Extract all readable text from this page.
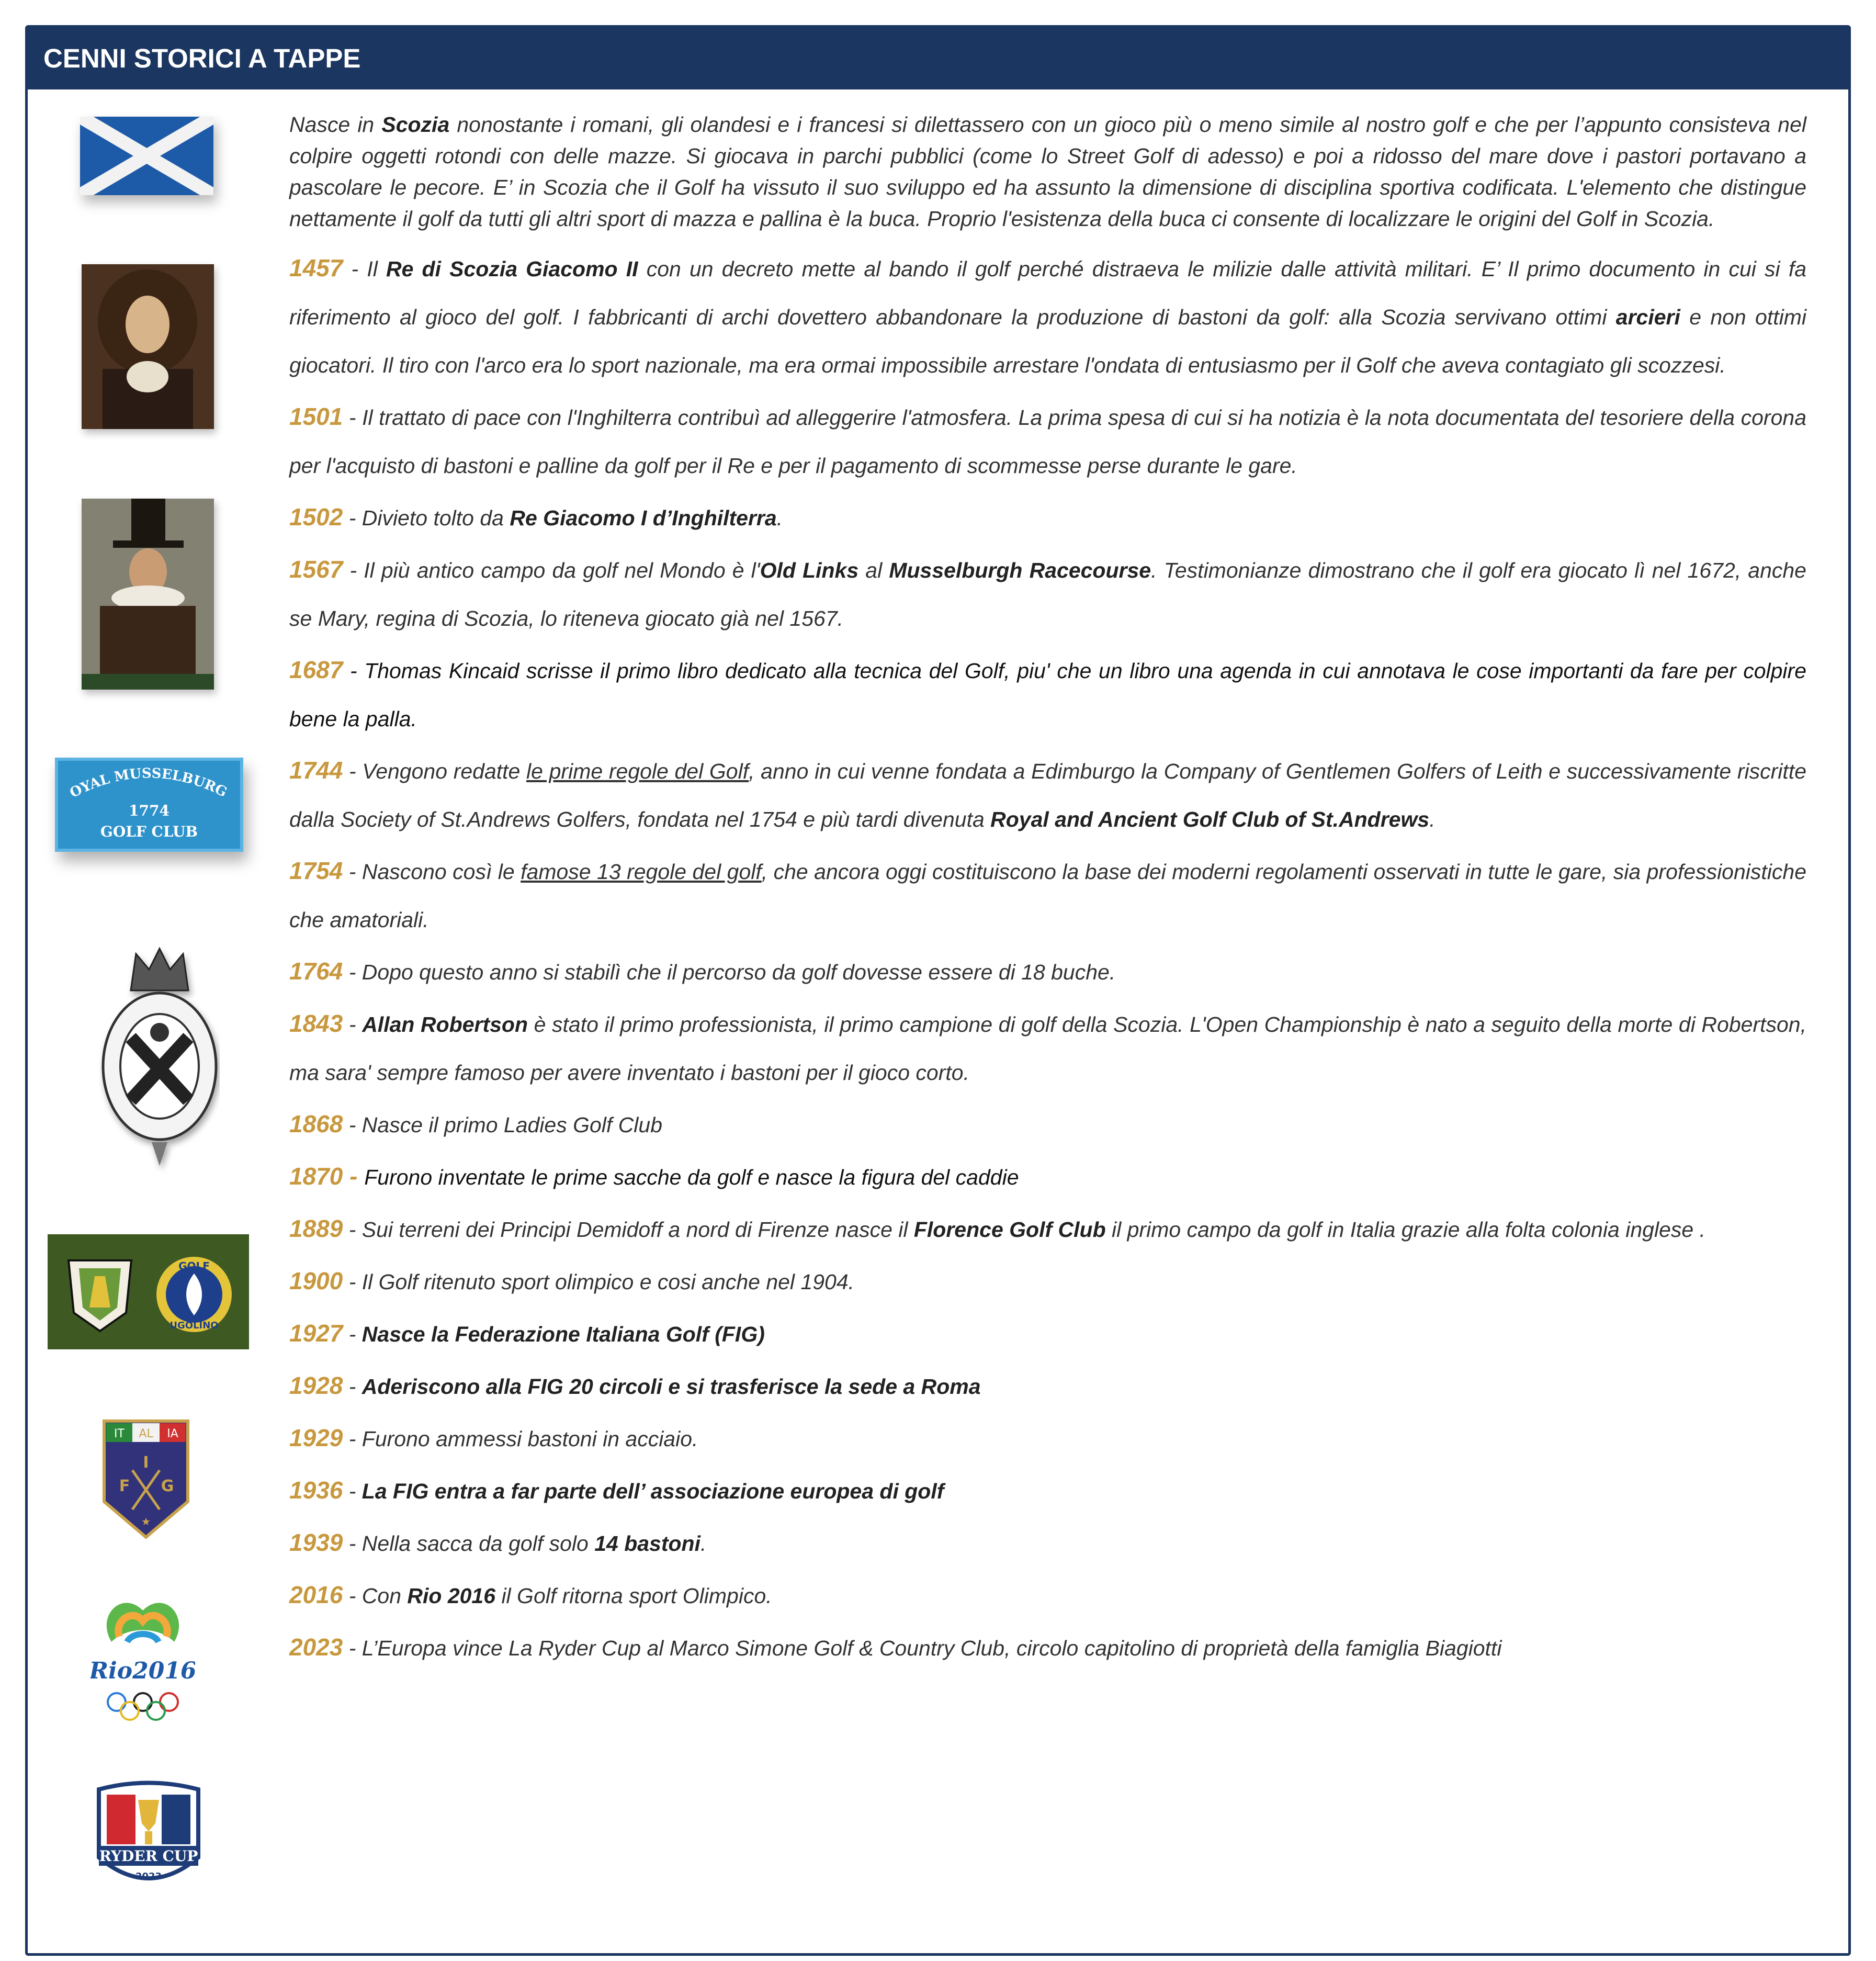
CENNI STORICI A TAPPE
OYAL MUSSELBURG
1774
GOLF CLUB
GOLF
UGOLINO
IT AL IA
I
F G
★
Rio2016
RYDER CUP
2023

Nasce in Scozia nonostante i romani, gli olandesi e i francesi si dilettassero con un gioco più o meno simile al nostro golf e che per l’appunto consisteva nel colpire oggetti rotondi con delle mazze. Si giocava in parchi pubblici (come lo Street Golf di adesso) e poi a ridosso del mare dove i pastori portavano a pascolare le pecore. E’ in Scozia che il Golf ha vissuto il suo sviluppo ed ha assunto la dimensione di disciplina sportiva codificata. L'elemento che distingue nettamente il golf da tutti gli altri sport di mazza e pallina è la buca. Proprio l'esistenza della buca ci consente di localizzare le origini del Golf in Scozia.

1457 - Il Re di Scozia Giacomo II con un decreto mette al bando il golf perché distraeva le milizie dalle attività militari. E’ Il primo documento in cui si fa riferimento al gioco del golf. I fabbricanti di archi dovettero abbandonare la produzione di bastoni da golf: alla Scozia servivano ottimi arcieri e non ottimi giocatori. Il tiro con l'arco era lo sport nazionale, ma era ormai impossibile arrestare l'ondata di entusiasmo per il Golf che aveva contagiato gli scozzesi.

1501 - Il trattato di pace con l'Inghilterra contribuì ad alleggerire l'atmosfera. La prima spesa di cui si ha notizia è la nota documentata del tesoriere della corona per l'acquisto di bastoni e palline da golf per il Re e per il pagamento di scommesse perse durante le gare.

1502 - Divieto tolto da Re Giacomo I d’Inghilterra.

1567 - Il più antico campo da golf nel Mondo è l'Old Links al Musselburgh Racecourse. Testimonianze dimostrano che il golf era giocato lì nel 1672, anche se Mary, regina di Scozia, lo riteneva giocato già nel 1567.

1687 - Thomas Kincaid scrisse il primo libro dedicato alla tecnica del Golf, piu' che un libro una agenda in cui annotava le cose importanti da fare per colpire bene la palla.

1744 - Vengono redatte le prime regole del Golf, anno in cui venne fondata a Edimburgo la Company of Gentlemen Golfers of Leith e successivamente riscritte dalla Society of St.Andrews Golfers, fondata nel 1754 e più tardi divenuta Royal and Ancient Golf Club of St.Andrews.

1754 - Nascono così le famose 13 regole del golf, che ancora oggi costituiscono la base dei moderni regolamenti osservati in tutte le gare, sia professionistiche che amatoriali.

1764 - Dopo questo anno si stabilì che il percorso da golf dovesse essere di 18 buche.

1843 - Allan Robertson è stato il primo professionista, il primo campione di golf della Scozia. L'Open Championship è nato a seguito della morte di Robertson, ma sara' sempre famoso per avere inventato i bastoni per il gioco corto.

1868 - Nasce il primo Ladies Golf Club

1870 - Furono inventate le prime sacche da golf e nasce la figura del caddie

1889 - Sui terreni dei Principi Demidoff a nord di Firenze nasce il Florence Golf Club il primo campo da golf in Italia grazie alla folta colonia inglese .

1900 - Il Golf ritenuto sport olimpico e cosi anche nel 1904.

1927 - Nasce la Federazione Italiana Golf (FIG)

1928 - Aderiscono alla FIG 20 circoli e si trasferisce la sede a Roma

1929 - Furono ammessi bastoni in acciaio.

1936 - La FIG entra a far parte dell’ associazione europea di golf

1939 - Nella sacca da golf solo 14 bastoni.

2016 - Con Rio 2016 il Golf ritorna sport Olimpico.

2023 - L’Europa vince La Ryder Cup al Marco Simone Golf & Country Club, circolo capitolino di proprietà della famiglia Biagiotti
